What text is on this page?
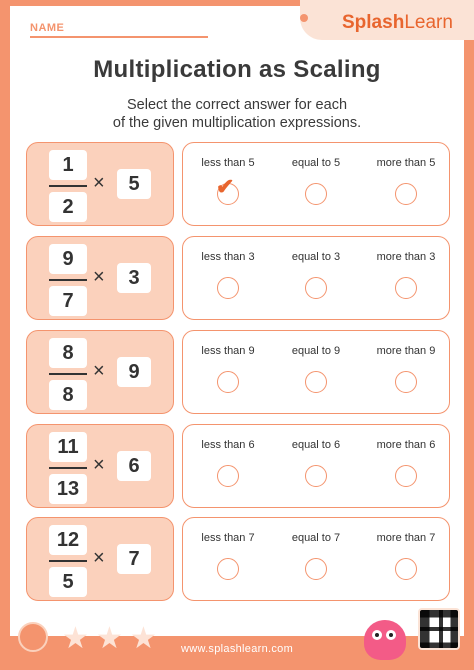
NAME	SplashLearn
Multiplication as Scaling
Select the correct answer for each
of the given multiplication expressions.
1
2
×	5
less than 5
✔
equal to 5	more than 5
9
7
×	3
less than 3	equal to 3	more than 3
8
8
×	9
less than 9	equal to 9	more than 9
11
13
×	6
less than 6	equal to 6	more than 6
12
5
×	7
less than 7	equal to 7	more than 7
★ ★ ★	www.splashlearn.com
